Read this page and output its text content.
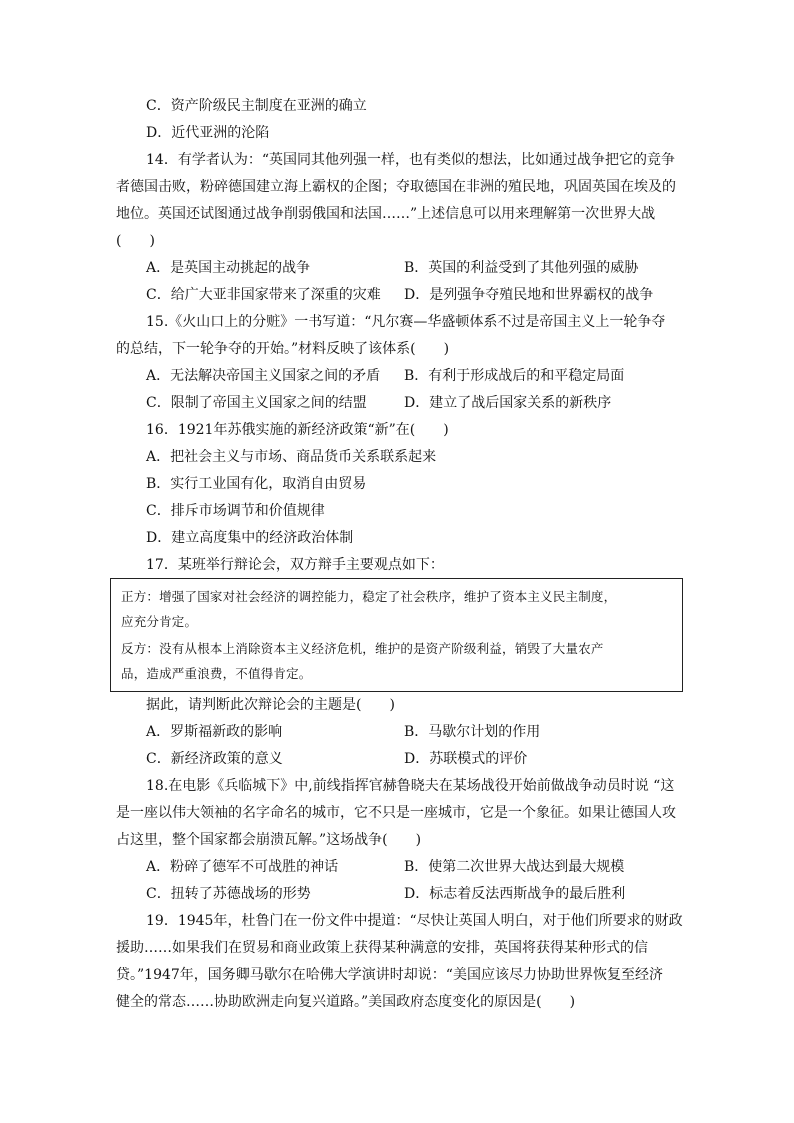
C．资产阶级民主制度在亚洲的确立
D．近代亚洲的沦陷
14．有学者认为：“英国同其他列强一样，也有类似的想法，比如通过战争把它的竞争
者德国击败，粉碎德国建立海上霸权的企图；夺取德国在非洲的殖民地，巩固英国在埃及的
地位。英国还试图通过战争削弱俄国和法国……”上述信息可以用来理解第一次世界大战
(　　)
A．是英国主动挑起的战争	B．英国的利益受到了其他列强的威胁
C．给广大亚非国家带来了深重的灾难 D．是列强争夺殖民地和世界霸权的战争
15.《火山口上的分赃》一书写道：“凡尔赛—华盛顿体系不过是帝国主义上一轮争夺
的总结，下一轮争夺的开始。”材料反映了该体系(　　)
A．无法解决帝国主义国家之间的矛盾 B．有利于形成战后的和平稳定局面
C．限制了帝国主义国家之间的结盟	D．建立了战后国家关系的新秩序
16．1921年苏俄实施的新经济政策“新”在(　　)
A．把社会主义与市场、商品货币关系联系起来
B．实行工业国有化，取消自由贸易
C．排斥市场调节和价值规律
D．建立高度集中的经济政治体制
17．某班举行辩论会，双方辩手主要观点如下：
正方：增强了国家对社会经济的调控能力，稳定了社会秩序，维护了资本主义民主制度，
应充分肯定。
反方：没有从根本上消除资本主义经济危机，维护的是资产阶级利益，销毁了大量农产
品，造成严重浪费，不值得肯定。
据此，请判断此次辩论会的主题是(　　)
A．罗斯福新政的影响	B．马歇尔计划的作用
C．新经济政策的意义	D．苏联模式的评价
18.在电影《兵临城下》中,前线指挥官赫鲁晓夫在某场战役开始前做战争动员时说 “这
是一座以伟大领袖的名字命名的城市，它不只是一座城市，它是一个象征。如果让德国人攻
占这里，整个国家都会崩溃瓦解。”这场战争(　　)
A．粉碎了德军不可战胜的神话	B．使第二次世界大战达到最大规模
C．扭转了苏德战场的形势	D．标志着反法西斯战争的最后胜利
19．1945年，杜鲁门在一份文件中提道：“尽快让英国人明白，对于他们所要求的财政
援助……如果我们在贸易和商业政策上获得某种满意的安排，英国将获得某种形式的信
贷。”1947年，国务卿马歇尔在哈佛大学演讲时却说：“美国应该尽力协助世界恢复至经济
健全的常态……协助欧洲走向复兴道路。”美国政府态度变化的原因是(　　)
